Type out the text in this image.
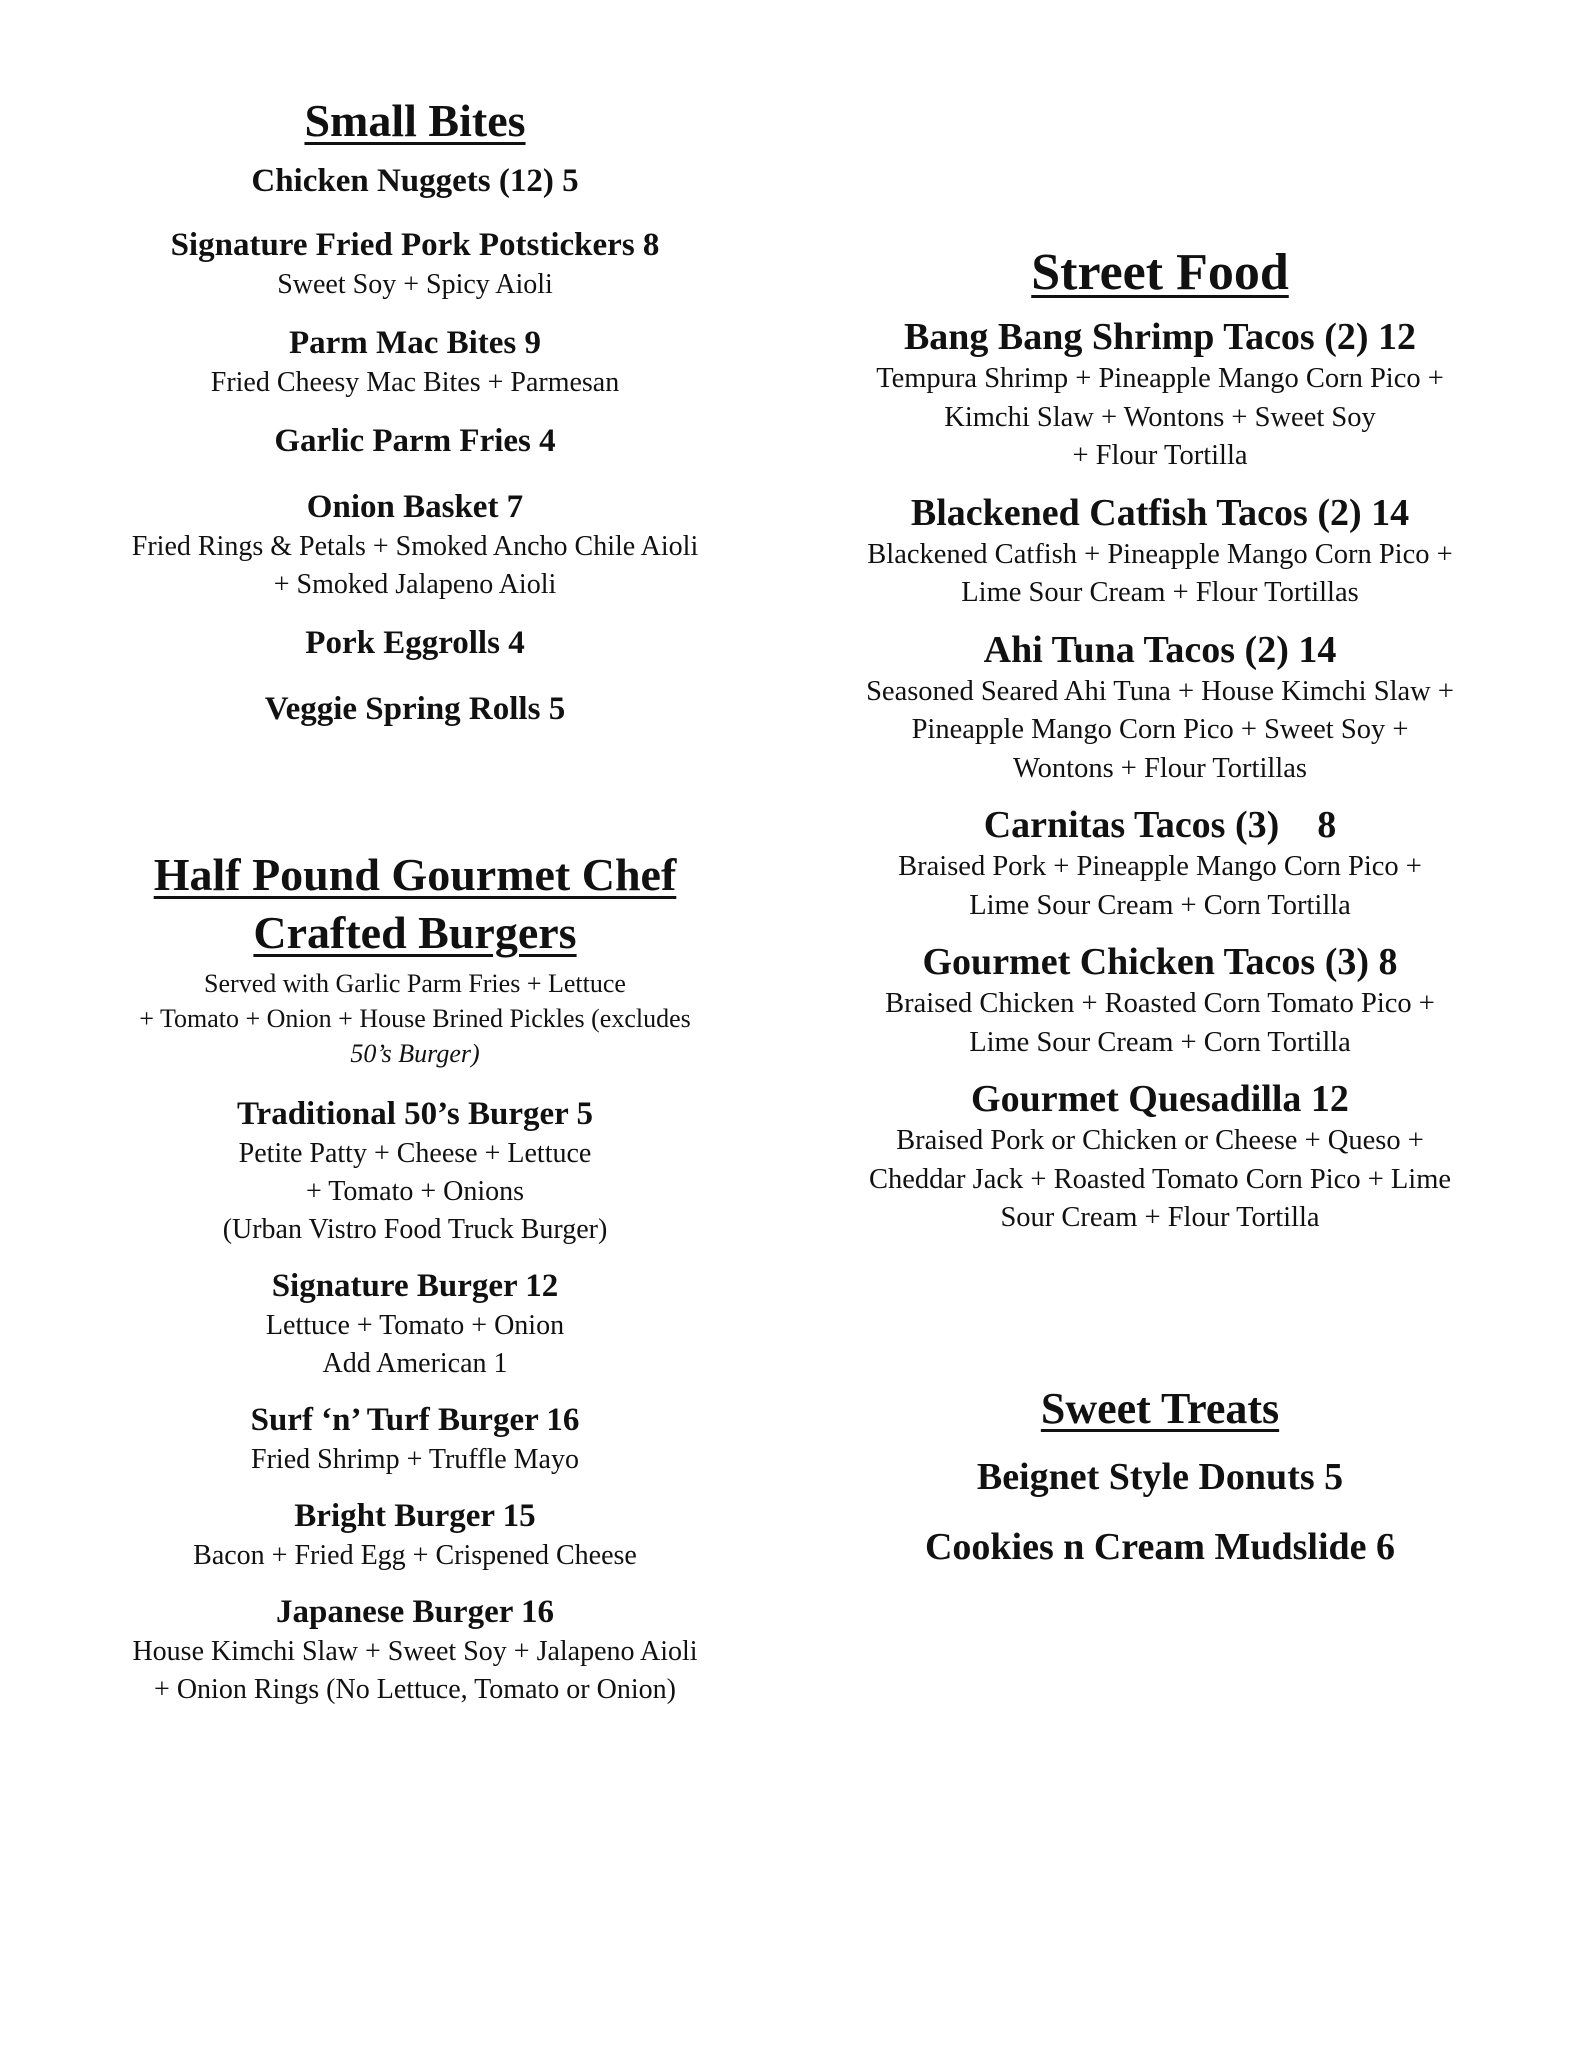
Small Bites

Chicken Nuggets (12) 5

Signature Fried Pork Potstickers 8

Sweet Soy + Spicy Aioli

Parm Mac Bites 9

Fried Cheesy Mac Bites + Parmesan

Garlic Parm Fries 4

Onion Basket 7

Fried Rings & Petals + Smoked Ancho Chile Aioli
+ Smoked Jalapeno Aioli

Pork Eggrolls 4

Veggie Spring Rolls 5

Half Pound Gourmet Chef
Crafted Burgers

Served with Garlic Parm Fries + Lettuce
+ Tomato + Onion + House Brined Pickles (excludes
50’s Burger)

Traditional 50’s Burger 5

Petite Patty + Cheese + Lettuce
+ Tomato + Onions
(Urban Vistro Food Truck Burger)

Signature Burger 12

Lettuce + Tomato + Onion
Add American 1

Surf ‘n’ Turf Burger 16

Fried Shrimp + Truffle Mayo

Bright Burger 15

Bacon + Fried Egg + Crispened Cheese

Japanese Burger 16

House Kimchi Slaw + Sweet Soy + Jalapeno Aioli
+ Onion Rings (No Lettuce, Tomato or Onion)

Street Food

Bang Bang Shrimp Tacos (2) 12

Tempura Shrimp + Pineapple Mango Corn Pico +
Kimchi Slaw + Wontons + Sweet Soy
+ Flour Tortilla

Blackened Catfish Tacos (2) 14

Blackened Catfish + Pineapple Mango Corn Pico +
Lime Sour Cream + Flour Tortillas

Ahi Tuna Tacos (2) 14

Seasoned Seared Ahi Tuna + House Kimchi Slaw +
Pineapple Mango Corn Pico + Sweet Soy +
Wontons + Flour Tortillas

Carnitas Tacos (3)    8

Braised Pork + Pineapple Mango Corn Pico +
Lime Sour Cream + Corn Tortilla

Gourmet Chicken Tacos (3) 8

Braised Chicken + Roasted Corn Tomato Pico +
Lime Sour Cream + Corn Tortilla

Gourmet Quesadilla 12

Braised Pork or Chicken or Cheese + Queso +
Cheddar Jack + Roasted Tomato Corn Pico + Lime
Sour Cream + Flour Tortilla

Sweet Treats

Beignet Style Donuts 5

Cookies n Cream Mudslide 6
